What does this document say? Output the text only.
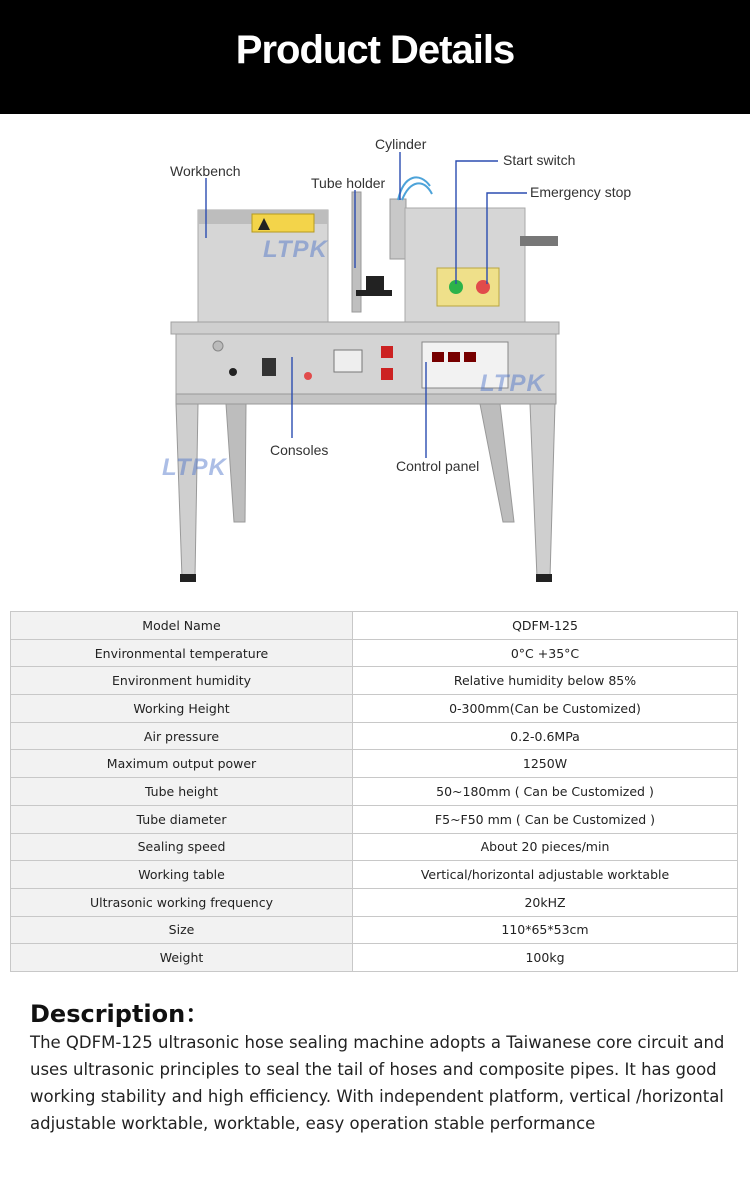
Product Details
Workbench
Cylinder
Tube holder
Start switch
Emergency stop
Consoles
Control panel
LTPK
LTPK
LTPK
Model Name	QDFM-125
Environmental temperature	0°C +35°C
Environment humidity	Relative humidity below 85%
Working Height	0-300mm(Can be Customized)
Air pressure	0.2-0.6MPa
Maximum output power	1250W
Tube height	50~180mm ( Can be Customized )
Tube diameter	F5~F50 mm ( Can be Customized )
Sealing speed	About 20 pieces/min
Working table	Vertical/horizontal adjustable worktable
Ultrasonic working frequency	20kHZ
Size	110*65*53cm
Weight	100kg
Description：
The QDFM-125 ultrasonic hose sealing machine adopts a Taiwanese core circuit and uses ultrasonic principles to seal the tail of hoses and composite pipes. It has good working stability and high efficiency. With independent platform, vertical /horizontal adjustable worktable, worktable, easy operation stable performance
